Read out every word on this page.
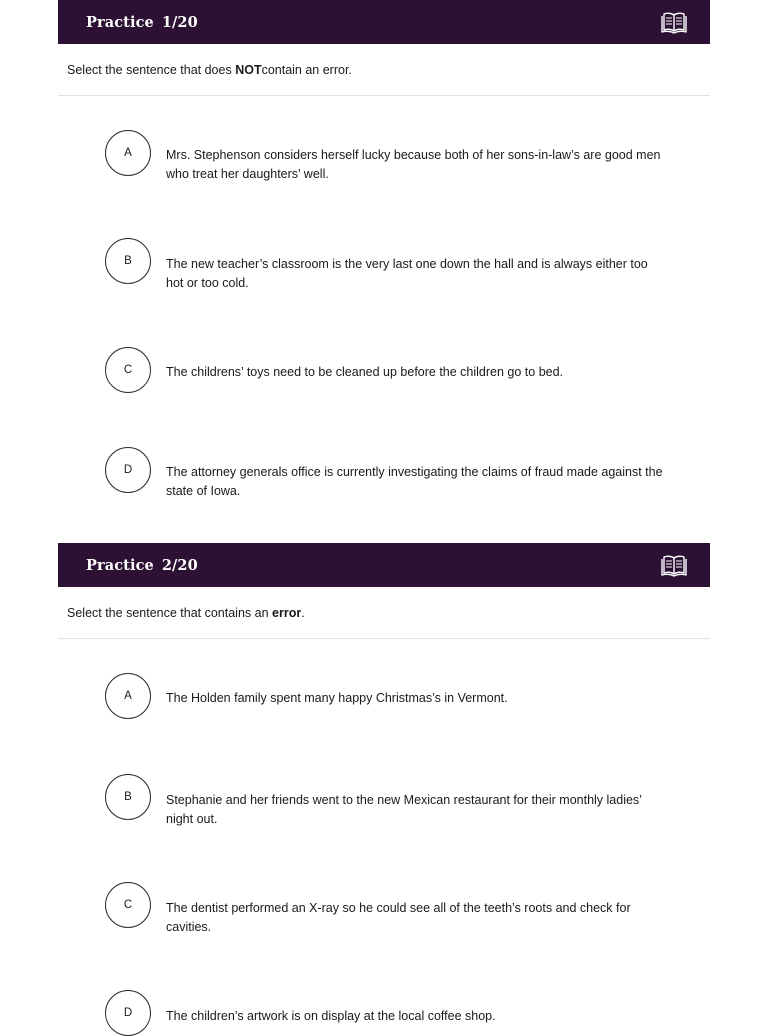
Practice 1/20
Select the sentence that does
NOT contain an error.
A	Mrs. Stephenson considers herself lucky because both of her sons-in-law’s are good men who treat her daughters’ well.
B	The new teacher’s classroom is the very last one down the hall and is always either too hot or too cold.
C	The childrens’ toys need to be cleaned up before the children go to bed.
D	The attorney generals office is currently investigating the claims of fraud made against the state of Iowa.
Practice 2/20
Select the sentence that contains an
error .
A	The Holden family spent many happy Christmas’s in Vermont.
B	Stephanie and her friends went to the new Mexican restaurant for their monthly ladies’ night out.
C	The dentist performed an X-ray so he could see all of the teeth’s roots and check for cavities.
D	The children’s artwork is on display at the local coffee shop.
